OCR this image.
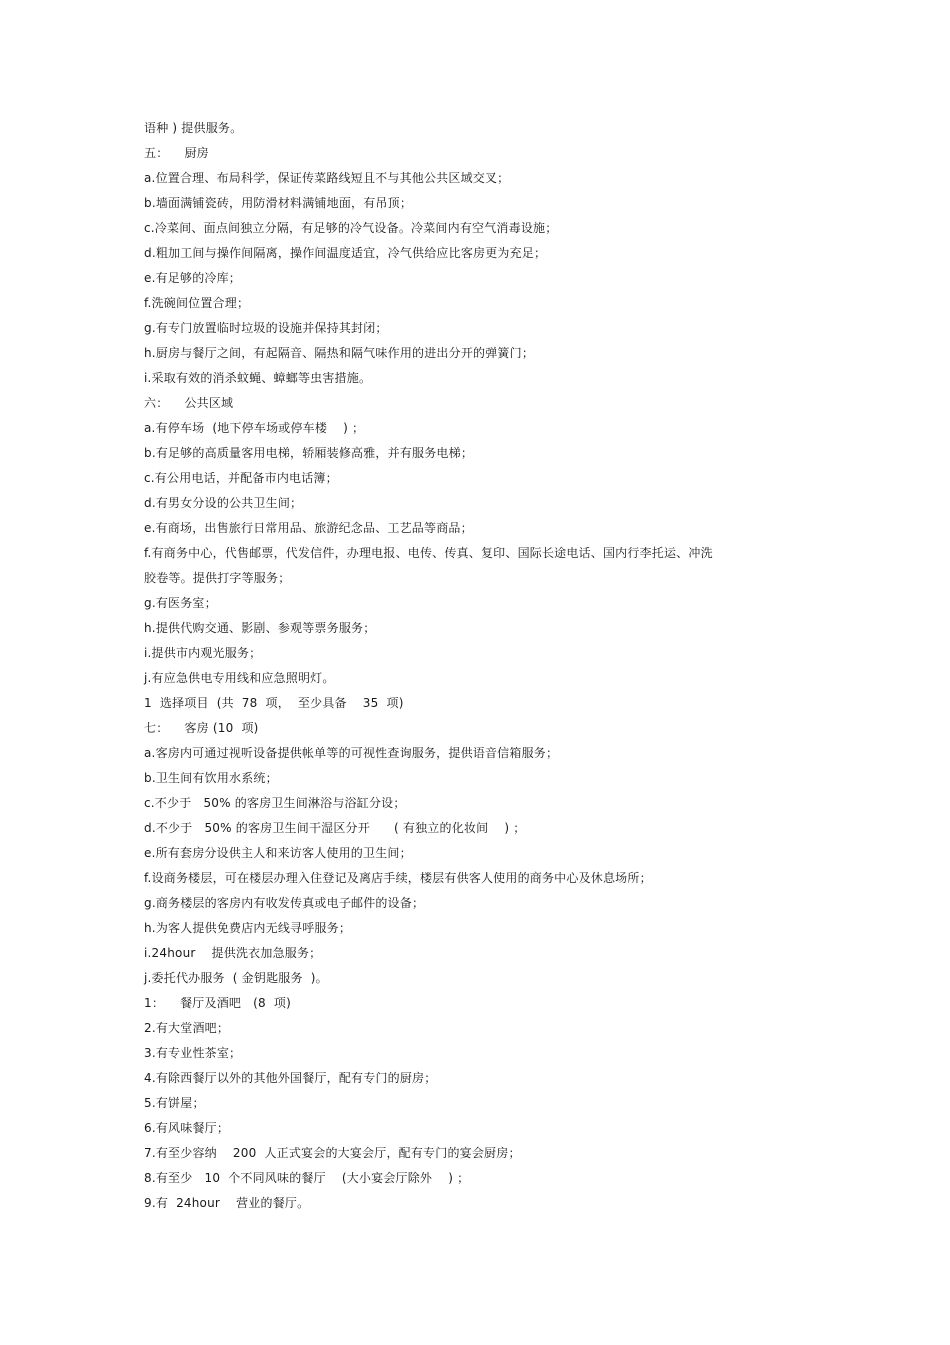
语种 ) 提供服务。
五：    厨房
a.位置合理、布局科学，保证传菜路线短且不与其他公共区域交叉；
b.墙面满铺瓷砖，用防滑材料满铺地面，有吊顶；
c.冷菜间、面点间独立分隔，有足够的冷气设备。冷菜间内有空气消毒设施；
d.粗加工间与操作间隔离，操作间温度适宜，冷气供给应比客房更为充足；
e.有足够的冷库；
f.洗碗间位置合理；
g.有专门放置临时垃圾的设施并保持其封闭；
h.厨房与餐厅之间，有起隔音、隔热和隔气味作用的进出分开的弹簧门；
i.采取有效的消杀蚊蝇、蟑螂等虫害措施。
六：    公共区域
a.有停车场  (地下停车场或停车楼    ) ；
b.有足够的高质量客用电梯，轿厢装修高雅，并有服务电梯；
c.有公用电话，并配备市内电话簿；
d.有男女分设的公共卫生间；
e.有商场，出售旅行日常用品、旅游纪念品、工艺品等商品；
f.有商务中心，代售邮票，代发信件，办理电报、电传、传真、复印、国际长途电话、国内行李托运、冲洗
胶卷等。提供打字等服务；
g.有医务室；
h.提供代购交通、影剧、参观等票务服务；
i.提供市内观光服务；
j.有应急供电专用线和应急照明灯。
1  选择项目  (共  78  项，  至少具备    35  项)
七：    客房 (10  项)
a.客房内可通过视听设备提供帐单等的可视性查询服务，提供语音信箱服务；
b.卫生间有饮用水系统；
c.不少于   50% 的客房卫生间淋浴与浴缸分设；
d.不少于   50% 的客房卫生间干湿区分开      ( 有独立的化妆间    ) ；
e.所有套房分设供主人和来访客人使用的卫生间；
f.设商务楼层，可在楼层办理入住登记及离店手续，楼层有供客人使用的商务中心及休息场所；
g.商务楼层的客房内有收发传真或电子邮件的设备；
h.为客人提供免费店内无线寻呼服务；
i.24hour    提供洗衣加急服务；
j.委托代办服务  ( 金钥匙服务  )。
1：    餐厅及酒吧   (8  项)
2.有大堂酒吧；
3.有专业性茶室；
4.有除西餐厅以外的其他外国餐厅，配有专门的厨房；
5.有饼屋；
6.有风味餐厅；
7.有至少容纳    200  人正式宴会的大宴会厅，配有专门的宴会厨房；
8.有至少   10  个不同风味的餐厅    (大小宴会厅除外    ) ；
9.有  24hour    营业的餐厅。
